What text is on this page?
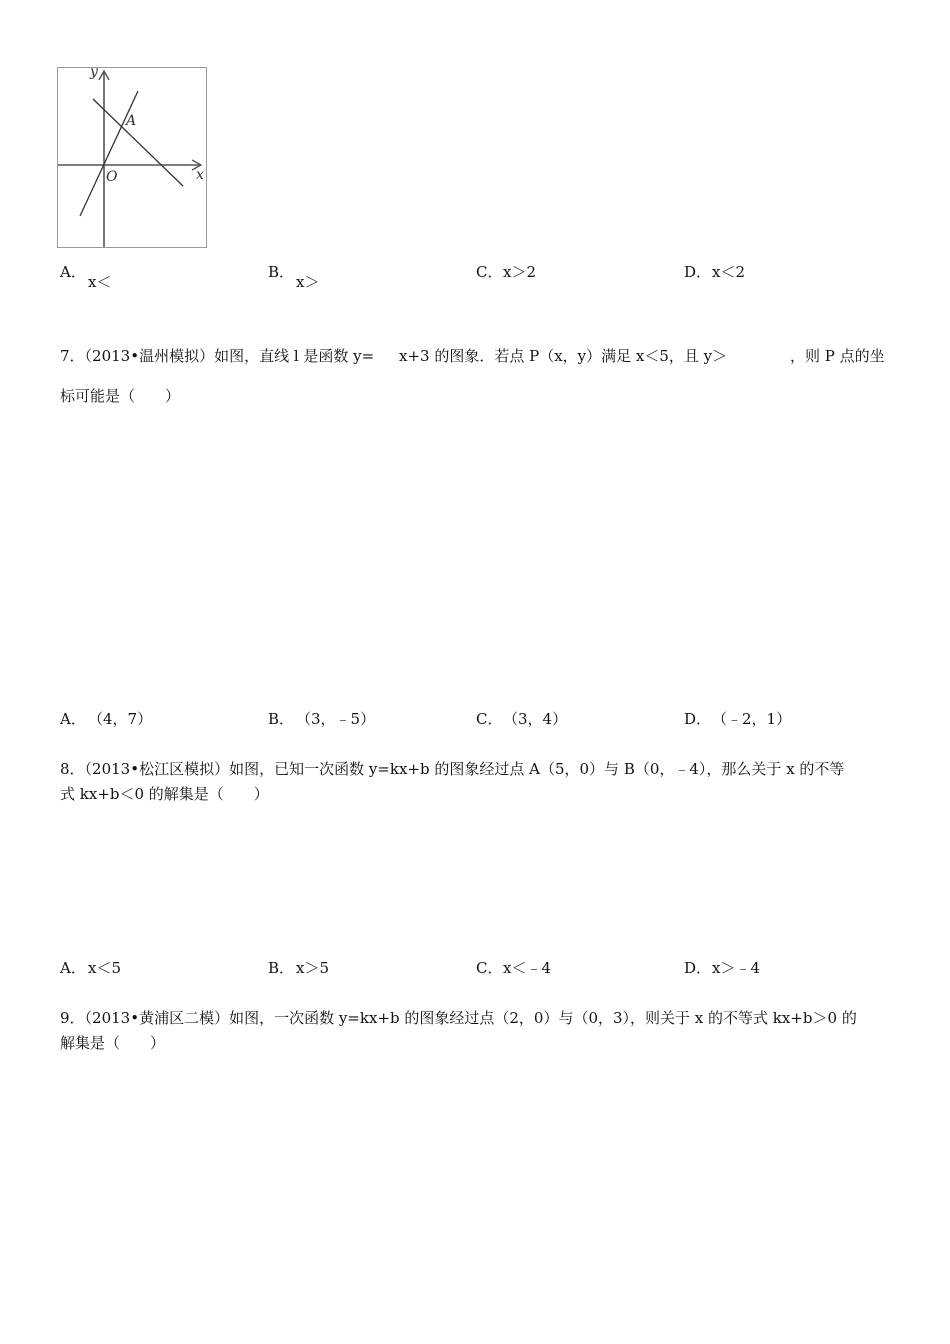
y
x
A
O
A．
x＜
B．
x＞
C． x＞2	D． x＜2
7．（2013•温州模拟）如图，直线 l 是函数 y= x+3 的图象．若点 P（x，y）满足 x＜5，且 y＞	，则 P 点的坐
标可能是（　　）
A． （4，7）	B． （3，﹣5）	C． （3，4）	D． （﹣2，1）
8．（2013•松江区模拟）如图，已知一次函数 y=kx+b 的图象经过点 A（5，0）与 B（0，﹣4），那么关于 x 的不等
式 kx+b＜0 的解集是（　　）
A． x＜5	B． x＞5	C． x＜﹣4	D． x＞﹣4
9．（2013•黄浦区二模）如图，一次函数 y=kx+b 的图象经过点（2，0）与（0，3），则关于 x 的不等式 kx+b＞0 的
解集是（　　）
